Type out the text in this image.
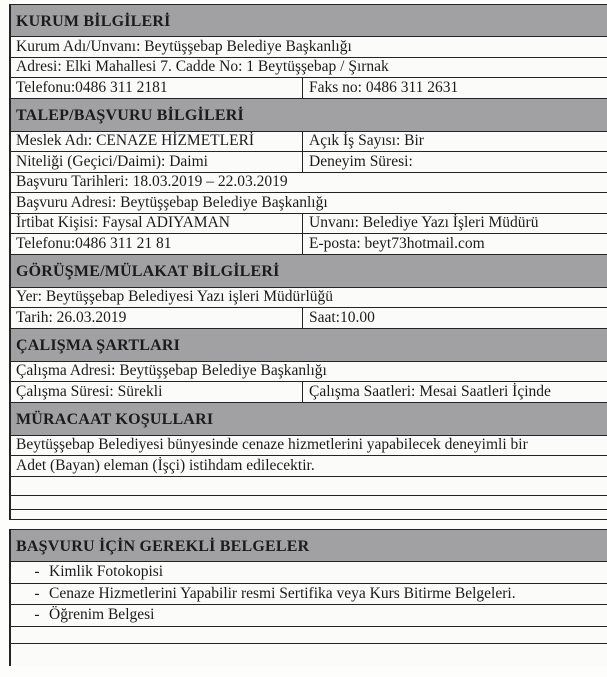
KURUM BİLGİLERİ
Kurum Adı/Unvanı: Beytüşşebap Belediye Başkanlığı
Adresi: Elki Mahallesi 7. Cadde No: 1 Beytüşşebap / Şırnak
Telefonu:0486 311 2181	Faks no: 0486 311 2631
TALEP/BAŞVURU BİLGİLERİ
Meslek Adı: CENAZE HİZMETLERİ	Açık İş Sayısı: Bir
Niteliği (Geçici/Daimi): Daimi	Deneyim Süresi:
Başvuru Tarihleri: 18.03.2019 – 22.03.2019
Başvuru Adresi: Beytüşşebap Belediye Başkanlığı
İrtibat Kişisi: Faysal ADIYAMAN	Unvanı: Belediye Yazı İşleri Müdürü
Telefonu:0486 311 21 81	E-posta: beyt73hotmail.com
GÖRÜŞME/MÜLAKAT BİLGİLERİ
Yer: Beytüşşebap Belediyesi Yazı işleri Müdürlüğü
Tarih: 26.03.2019	Saat:10.00
ÇALIŞMA ŞARTLARI
Çalışma Adresi: Beytüşşebap Belediye Başkanlığı
Çalışma Süresi: Sürekli	Çalışma Saatleri: Mesai Saatleri İçinde
MÜRACAAT KOŞULLARI
Beytüşşebap Belediyesi bünyesinde cenaze hizmetlerini yapabilecek deneyimli bir
Adet (Bayan) eleman (İşçi) istihdam edilecektir.
BAŞVURU İÇİN GEREKLİ BELGELER
- Kimlik Fotokopisi
- Cenaze Hizmetlerini Yapabilir resmi Sertifika veya Kurs Bitirme Belgeleri.
- Öğrenim Belgesi
